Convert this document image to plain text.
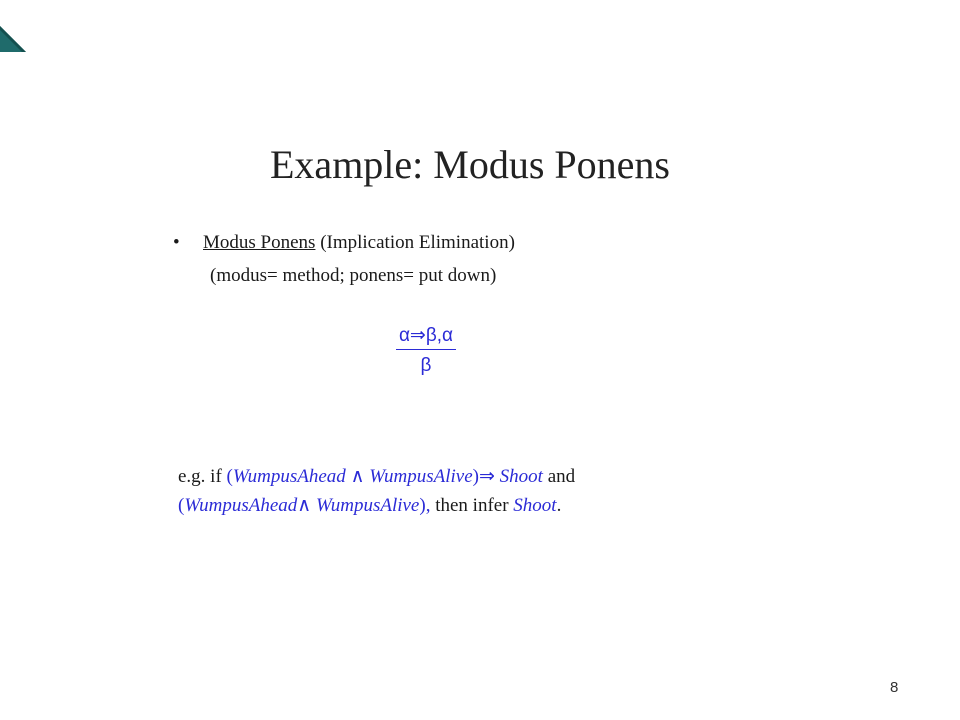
Example: Modus Ponens
• Modus Ponens (Implication Elimination)
(modus= method; ponens= put down)
$\frac{\alpha\Rightarrow\beta,\alpha}{\beta}$
e.g. if (WumpusAhead ∧ WumpusAlive)⇒ Shoot and
(WumpusAhead∧ WumpusAlive), then infer Shoot.
8
